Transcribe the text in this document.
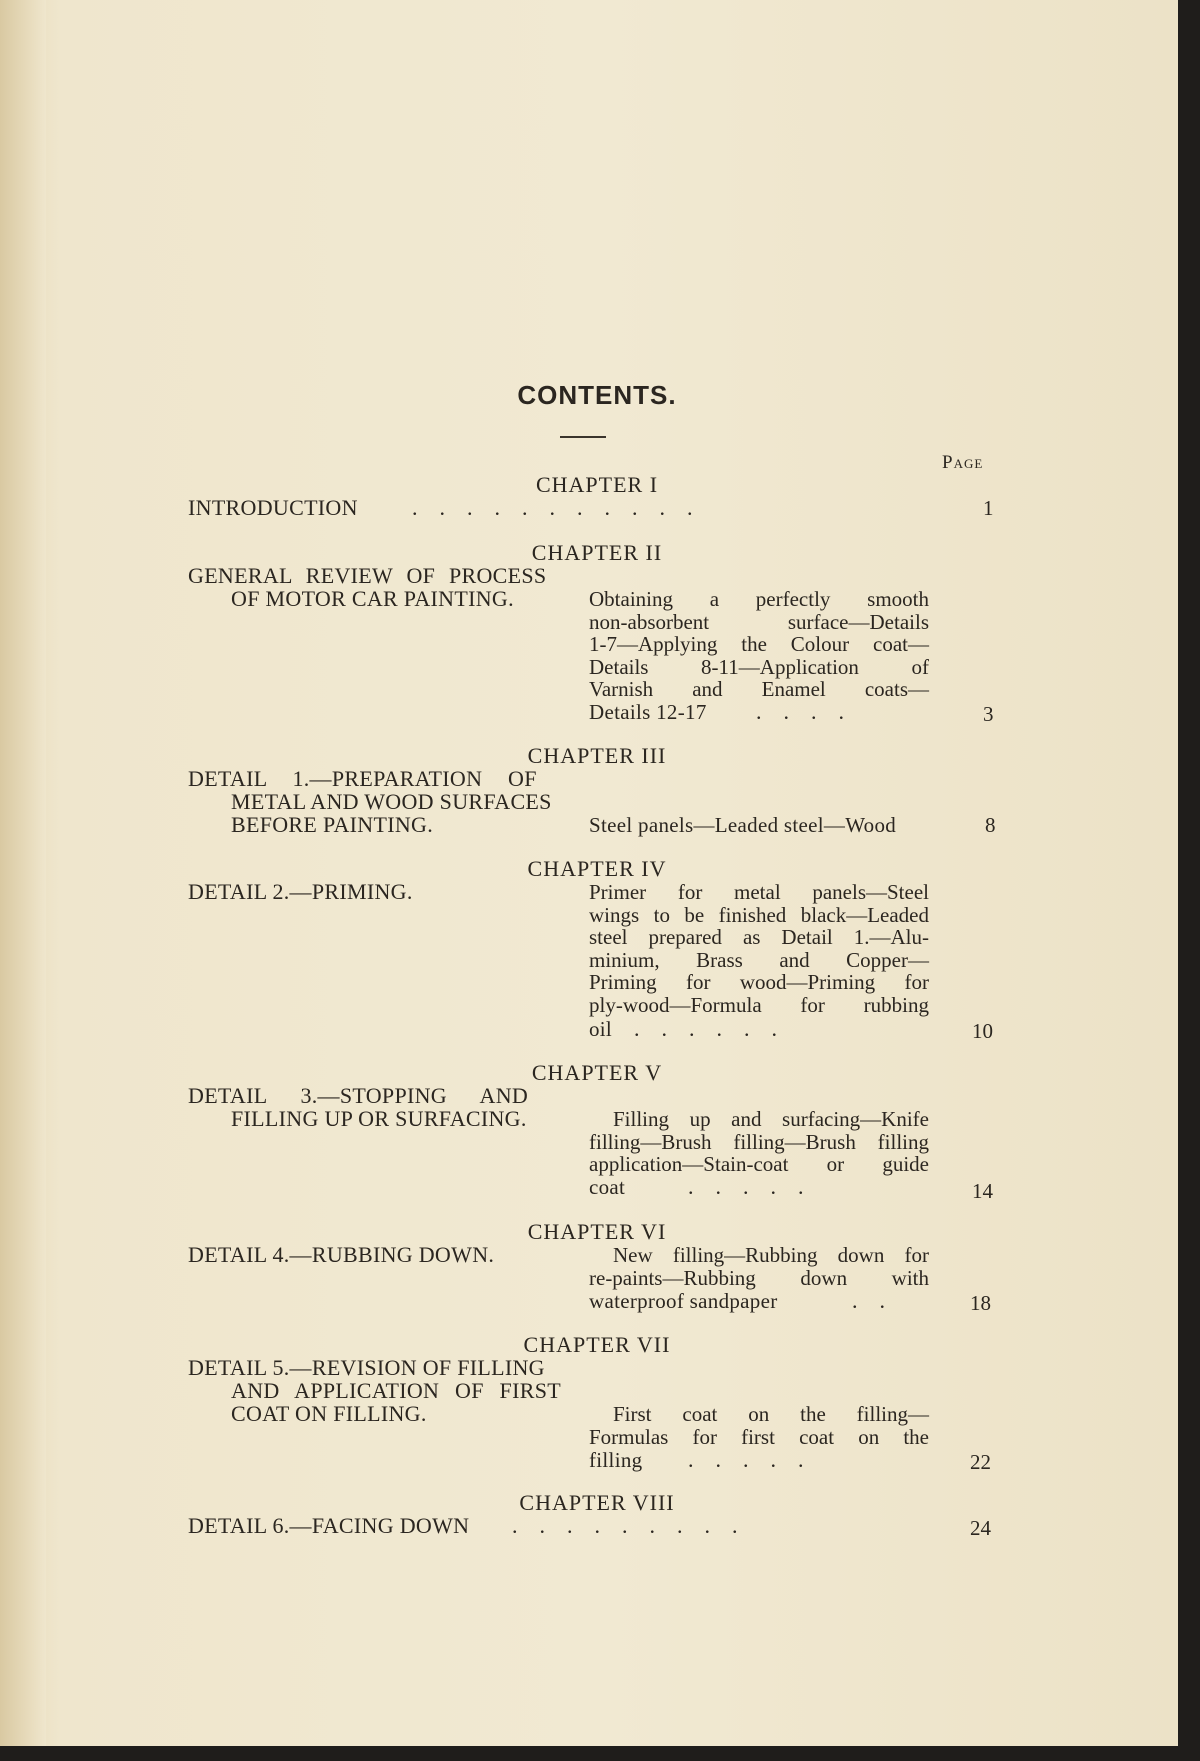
CONTENTS.
Page
CHAPTER I
INTRODUCTION ...........	1
CHAPTER II
GENERAL REVIEW OF PROCESS
OF MOTOR CAR PAINTING.	Obtaining a perfectly smooth
non-absorbent surface—Details
1-7—Applying the Colour coat—
Details 8-11—Application of
Varnish and Enamel coats—
Details 12-17 ....	3
CHAPTER III
DETAIL 1.—PREPARATION OF
METAL AND WOOD SURFACES
BEFORE PAINTING.	Steel panels—Leaded steel—Wood	8
CHAPTER IV
DETAIL 2.—PRIMING.	Primer for metal panels—Steel
wings to be finished black—Leaded
steel prepared as Detail 1.—Alu-
minium, Brass and Copper—
Priming for wood—Priming for
ply-wood—Formula for rubbing
oil ......	10
CHAPTER V
DETAIL 3.—STOPPING AND
FILLING UP OR SURFACING.	Filling up and surfacing—Knife
filling—Brush filling—Brush filling
application—Stain-coat or guide
coat	.....	14
CHAPTER VI
DETAIL 4.—RUBBING DOWN.	New filling—Rubbing down for
re-paints—Rubbing down with
waterproof sandpaper	..	18
CHAPTER VII
DETAIL 5.—REVISION OF FILLING
AND APPLICATION OF FIRST
COAT ON FILLING.	First coat on the filling—
Formulas for first coat on the
filling .....	22
CHAPTER VIII
DETAIL 6.—FACING DOWN .........	24
